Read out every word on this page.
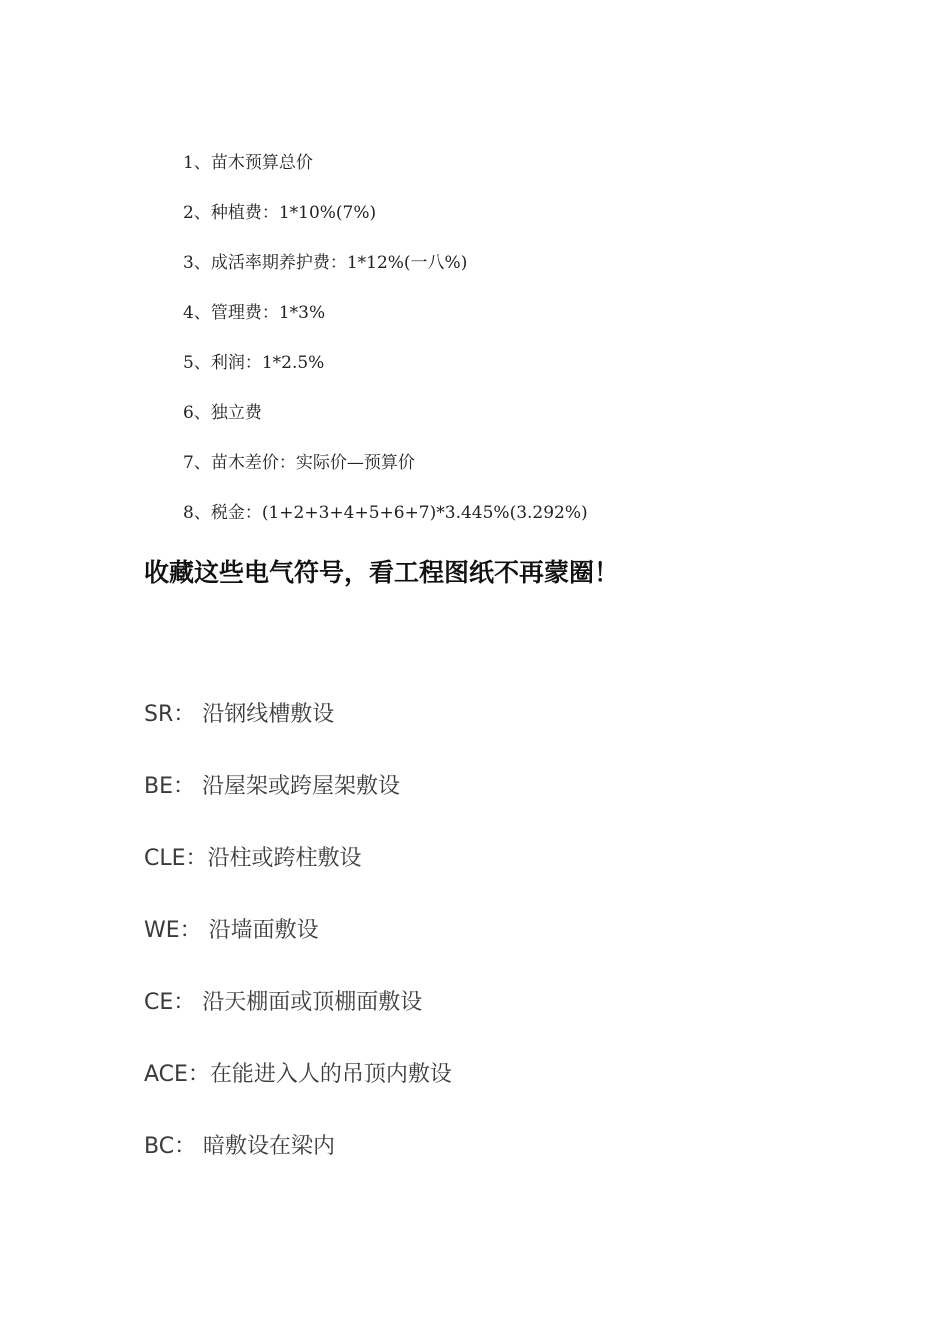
1、苗木预算总价
2、种植费：1*10%(7%)
3、成活率期养护费：1*12%(一八%)
4、管理费：1*3%
5、利润：1*2.5%
6、独立费
7、苗木差价：实际价—预算价
8、税金：(1+2+3+4+5+6+7)*3.445%(3.292%)
收藏这些电气符号，看工程图纸不再蒙圈！
SR： 沿钢线槽敷设
BE： 沿屋架或跨屋架敷设
CLE：沿柱或跨柱敷设
WE： 沿墙面敷设
CE： 沿天棚面或顶棚面敷设
ACE：在能进入人的吊顶内敷设
BC： 暗敷设在梁内
